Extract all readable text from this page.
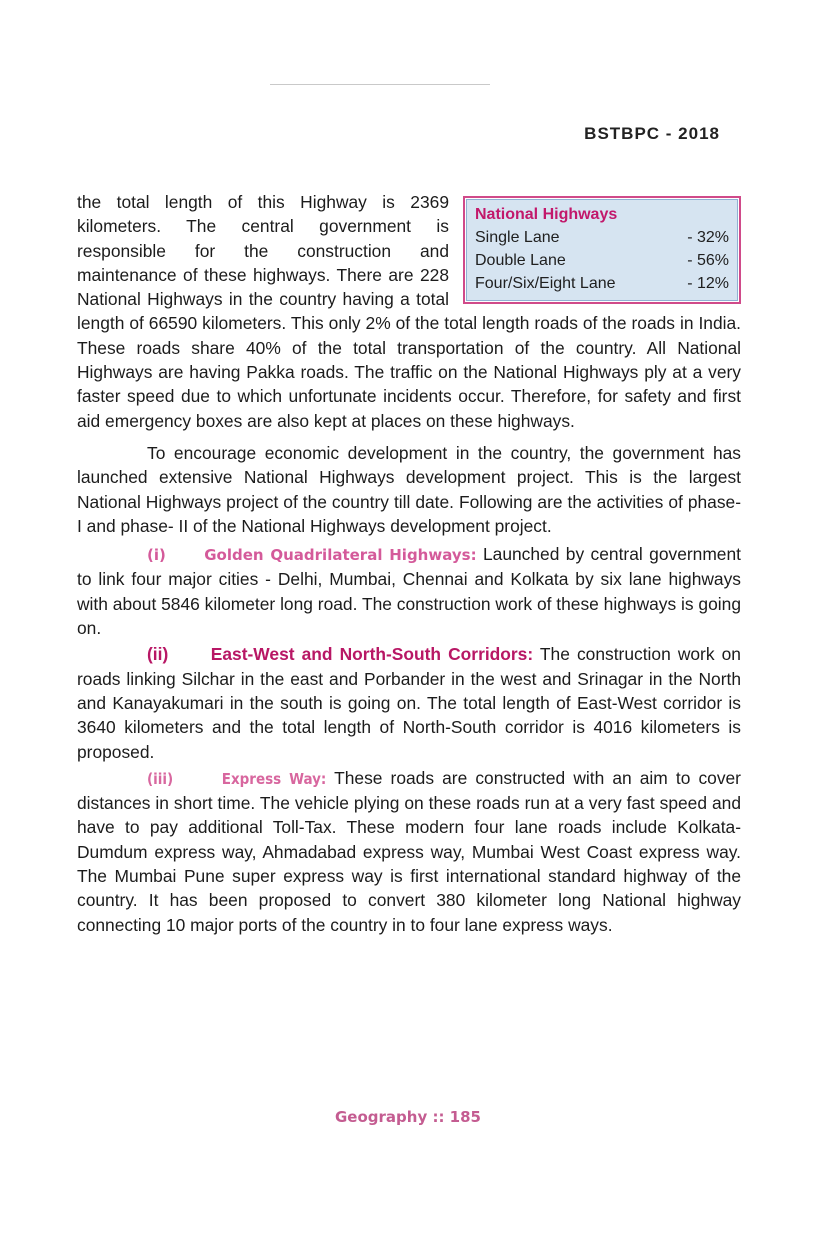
BSTBPC - 2018
National Highways
Single Lane	- 32%
Double Lane	- 56%
Four/Six/Eight Lane	- 12%

the total length of this Highway is 2369 kilometers. The central government is responsible for the construction and maintenance of these highways. There are 228 National Highways in the country having a total length of 66590 kilometers. This only 2% of the total length roads of the roads in India. These roads share 40% of the total transportation of the country. All National Highways are having Pakka roads. The traffic on the National Highways ply at a very faster speed due to which unfortunate incidents occur. Therefore, for safety and first aid emergency boxes are also kept at places on these highways.

To encourage economic development in the country, the government has launched extensive National Highways development project. This is the largest National Highways project of the country till date. Following are the activities of phase- I and phase- II of the National Highways development project.

(i)	Golden Quadrilateral Highways: Launched by central government to link four major cities - Delhi, Mumbai, Chennai and Kolkata by six lane highways with about 5846 kilometer long road. The construction work of these highways is going on.

(ii) East-West and North-South Corridors: The construction work on roads linking Silchar in the east and Porbander in the west and Srinagar in the North and Kanayakumari in the south is going on. The total length of East-West corridor is 3640 kilometers and the total length of North-South corridor is 4016 kilometers is proposed.

(iii)	Express Way: These roads are constructed with an aim to cover distances in short time. The vehicle plying on these roads run at a very fast speed and have to pay additional Toll-Tax. These modern four lane roads include Kolkata-Dumdum express way, Ahmadabad express way, Mumbai West Coast express way. The Mumbai Pune super express way is first international standard highway of the country. It has been proposed to convert 380 kilometer long National highway connecting 10 major ports of the country in to four lane express ways.

Geography :: 185
